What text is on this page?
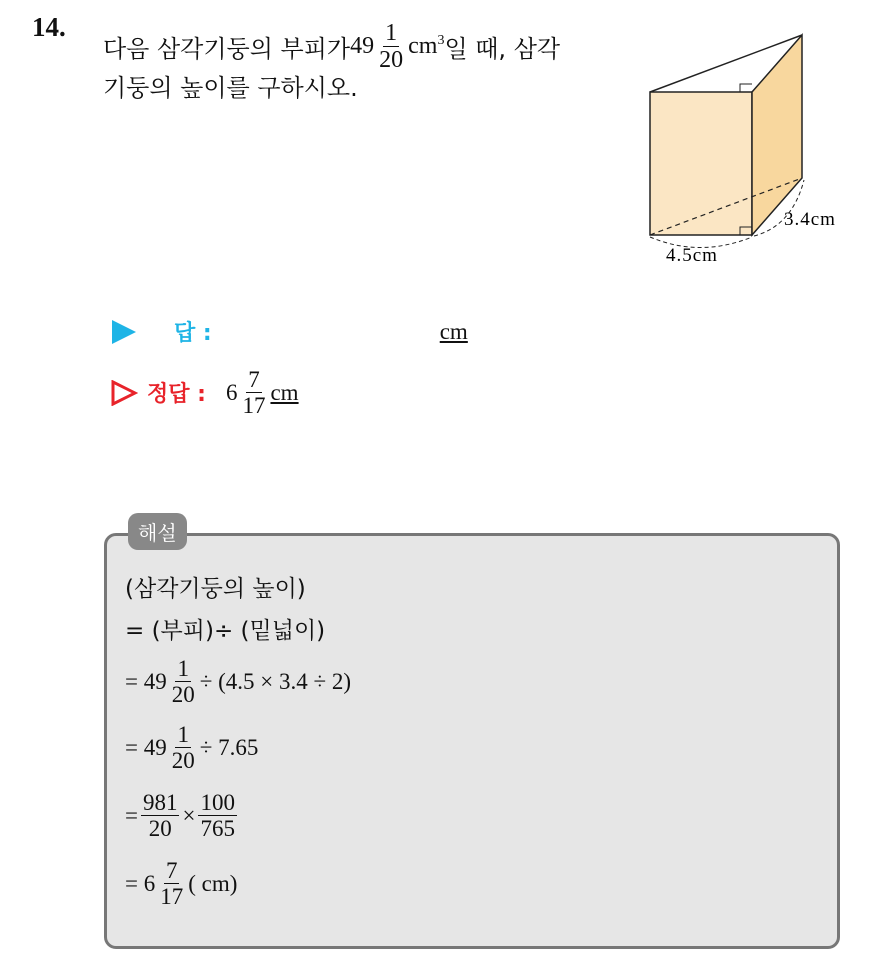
14.
다음 삼각기둥의 부피가 $49 \frac{1}{20} cm^3$ 일 때, 삼각
기둥의 높이를 구하시오.
4.5cm
3.4cm
답 :	cm
정답 : $6 \frac{7}{17}$ cm
해설
(삼각기둥의 높이)
= (부피) ÷ (밑넓이)
= $49 \frac{1}{20} \div (4.5 \times 3.4 \div 2)$
= $49 \frac{1}{20} \div 7.65$
= $\frac{981}{20} \times \frac{100}{765}$
= $6 \frac{7}{17}$ ( cm)
